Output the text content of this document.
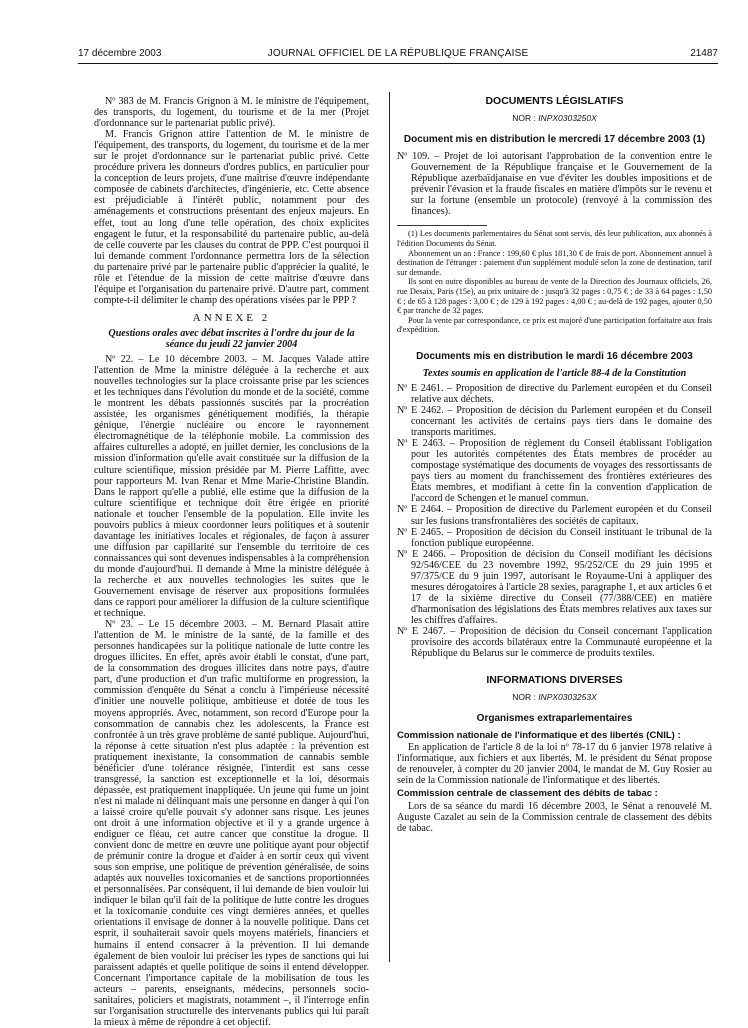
17 décembre 2003	JOURNAL OFFICIEL DE LA RÉPUBLIQUE FRANÇAISE	21487

Nº 383 de M. Francis Grignon à M. le ministre de l'équipement, des transports, du logement, du tourisme et de la mer (Projet d'ordonnance sur le partenariat public privé).

M. Francis Grignon attire l'attention de M. le ministre de l'équipement, des transports, du logement, du tourisme et de la mer sur le projet d'ordonnance sur le partenariat public privé. Cette procédure privera les donneurs d'ordres publics, en particulier pour la conception de leurs projets, d'une maîtrise d'œuvre indépendante composée de cabinets d'architectes, d'ingénierie, etc. Cette absence est préjudiciable à l'intérêt public, notamment pour des aménagements et constructions présentant des enjeux majeurs. En effet, tout au long d'une telle opération, des choix explicites engagent le futur, et la responsabilité du partenaire public, au-delà de celle couverte par les clauses du contrat de PPP. C'est pourquoi il lui demande comment l'ordonnance permettra lors de la sélection du partenaire privé par le partenaire public d'apprécier la qualité, le rôle et l'étendue de la mission de cette maîtrise d'œuvre dans l'équipe et l'organisation du partenaire privé. D'autre part, comment compte-t-il délimiter le champ des opérations visées par le PPP ?

ANNEXE 2
Questions orales avec débat inscrites à l'ordre du jour de la séance du jeudi 22 janvier 2004

Nº 22. – Le 10 décembre 2003. – M. Jacques Valade attire l'attention de Mme la ministre déléguée à la recherche et aux nouvelles technologies sur la place croissante prise par les sciences et les techniques dans l'évolution du monde et de la société, comme le montrent les débats passionnés suscités par la procréation assistée, les organismes génétiquement modifiés, la thérapie génique, l'énergie nucléaire ou encore le rayonnement électromagnétique de la téléphonie mobile. La commission des affaires culturelles a adopté, en juillet dernier, les conclusions de la mission d'information qu'elle avait constituée sur la diffusion de la culture scientifique, mission présidée par M. Pierre Laffitte, avec pour rapporteurs M. Ivan Renar et Mme Marie-Christine Blandin. Dans le rapport qu'elle a publié, elle estime que la diffusion de la culture scientifique et technique doit être érigée en priorité nationale et toucher l'ensemble de la population. Elle invite les pouvoirs publics à mieux coordonner leurs politiques et à soutenir davantage les initiatives locales et régionales, de façon à assurer une diffusion par capillarité sur l'ensemble du territoire de ces connaissances qui sont devenues indispensables à la compréhension du monde d'aujourd'hui. Il demande à Mme la ministre déléguée à la recherche et aux nouvelles technologies les suites que le Gouvernement envisage de réserver aux propositions formulées dans ce rapport pour améliorer la diffusion de la culture scientifique et technique.

Nº 23. – Le 15 décembre 2003. – M. Bernard Plasait attire l'attention de M. le ministre de la santé, de la famille et des personnes handicapées sur la politique nationale de lutte contre les drogues illicites. En effet, après avoir établi le constat, d'une part, de la consommation des drogues illicites dans notre pays, d'autre part, d'une production et d'un trafic multiforme en progression, la commission d'enquête du Sénat a conclu à l'impérieuse nécessité d'initier une nouvelle politique, ambitieuse et dotée de tous les moyens appropriés. Avec, notamment, son record d'Europe pour la consommation de cannabis chez les adolescents, la France est confrontée à un très grave problème de santé publique. Aujourd'hui, la réponse à cette situation n'est plus adaptée : la prévention est pratiquement inexistante, la consommation de cannabis semble bénéficier d'une tolérance résignée, l'interdit est sans cesse transgressé, la sanction est exceptionnelle et la loi, désormais dépassée, est pratiquement inappliquée. Un jeune qui fume un joint n'est ni malade ni délinquant mais une personne en danger à qui l'on a laissé croire qu'elle pouvait s'y adonner sans risque. Les jeunes ont droit à une information objective et il y a grande urgence à endiguer ce fléau, cet autre cancer que constitue la drogue. Il convient donc de mettre en œuvre une politique ayant pour objectif de prémunir contre la drogue et d'aider à en sortir ceux qui vivent sous son emprise, une politique de prévention généralisée, de soins adaptés aux nouvelles toxicomanies et de sanctions proportionnées et personnalisées. Par conséquent, il lui demande de bien vouloir lui indiquer le bilan qu'il fait de la politique de lutte contre les drogues et la toxicomanie conduite ces vingt dernières années, et quelles orientations il envisage de donner à la nouvelle politique. Dans cet esprit, il souhaiterait savoir quels moyens matériels, financiers et humains il entend consacrer à la prévention. Il lui demande également de bien vouloir lui préciser les types de sanctions qui lui paraissent adaptés et quelle politique de soins il entend développer. Concernant l'importance capitale de la mobilisation de tous les acteurs – parents, enseignants, médecins, personnels socio-sanitaires, policiers et magistrats, notamment –, il l'interroge enfin sur l'organisation structurelle des intervenants publics qui lui paraît la mieux à même de répondre à cet objectif.

DOCUMENTS LÉGISLATIFS
NOR : INPX0303250X
Document mis en distribution le mercredi 17 décembre 2003 (1)

Nº 109. – Projet de loi autorisant l'approbation de la convention entre le Gouvernement de la République française et le Gouvernement de la République azerbaïdjanaise en vue d'éviter les doubles impositions et de prévenir l'évasion et la fraude fiscales en matière d'impôts sur le revenu et sur la fortune (ensemble un protocole) (renvoyé à la commission des finances).

(1) Les documents parlementaires du Sénat sont servis, dès leur publication, aux abonnés à l'édition Documents du Sénat.

Abonnement un an : France : 199,60 € plus 181,30 € de frais de port. Abonnement annuel à destination de l'étranger : paiement d'un supplément modulé selon la zone de destination, tarif sur demande.

Ils sont en outre disponibles au bureau de vente de la Direction des Journaux officiels, 26, rue Desaix, Paris (15e), au prix unitaire de : jusqu'à 32 pages : 0,75 € ; de 33 à 64 pages : 1,50 € ; de 65 à 128 pages : 3,00 € ; de 129 à 192 pages : 4,00 € ; au-delà de 192 pages, ajouter 0,50 € par tranche de 32 pages.

Pour la vente par correspondance, ce prix est majoré d'une participation forfaitaire aux frais d'expédition.

Documents mis en distribution le mardi 16 décembre 2003
Textes soumis en application de l'article 88-4 de la Constitution

Nº E 2461. – Proposition de directive du Parlement européen et du Conseil relative aux déchets.

Nº E 2462. – Proposition de décision du Parlement européen et du Conseil concernant les activités de certains pays tiers dans le domaine des transports maritimes.

Nº E 2463. – Proposition de règlement du Conseil établissant l'obligation pour les autorités compétentes des États membres de procéder au compostage systématique des documents de voyages des ressortissants de pays tiers au moment du franchissement des frontières extérieures des États membres, et modifiant à cette fin la convention d'application de l'accord de Schengen et le manuel commun.

Nº E 2464. – Proposition de directive du Parlement européen et du Conseil sur les fusions transfrontalières des sociétés de capitaux.

Nº E 2465. – Proposition de décision du Conseil instituant le tribunal de la fonction publique européenne.

Nº E 2466. – Proposition de décision du Conseil modifiant les décisions 92/546/CEE du 23 novembre 1992, 95/252/CE du 29 juin 1995 et 97/375/CE du 9 juin 1997, autorisant le Royaume-Uni à appliquer des mesures dérogatoires à l'article 28 sexies, paragraphe 1, et aux articles 6 et 17 de la sixième directive du Conseil (77/388/CEE) en matière d'harmonisation des législations des États membres relatives aux taxes sur les chiffres d'affaires.

Nº E 2467. – Proposition de décision du Conseil concernant l'application provisoire des accords bilatéraux entre la Communauté européenne et la République du Belarus sur le commerce de produits textiles.

INFORMATIONS DIVERSES
NOR : INPX0303253X
Organismes extraparlementaires
Commission nationale de l'informatique et des libertés (CNIL) :

En application de l'article 8 de la loi nº 78-17 du 6 janvier 1978 relative à l'informatique, aux fichiers et aux libertés, M. le président du Sénat propose de renouveler, à compter du 20 janvier 2004, le mandat de M. Guy Rosier au sein de la Commission nationale de l'informatique et des libertés.

Commission centrale de classement des débits de tabac :

Lors de sa séance du mardi 16 décembre 2003, le Sénat a renouvelé M. Auguste Cazalet au sein de la Commission centrale de classement des débits de tabac.
